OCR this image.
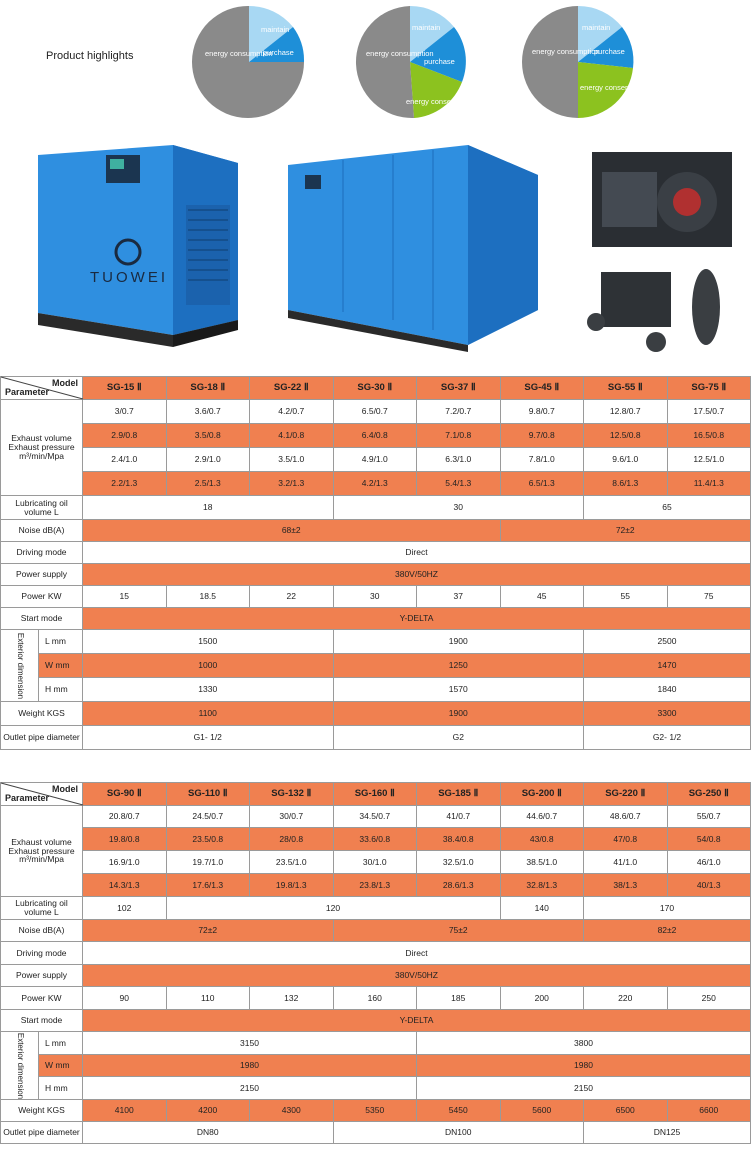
Product highlights
maintain
purchase
energy consumption
maintain
purchase
energy consumption
energy conservation
maintain
purchase
energy consumption
energy conservation
TUOWEI
Model
Parameter		SG-15 Ⅱ	SG-18 Ⅱ	SG-22 Ⅱ	SG-30 Ⅱ	SG-37 Ⅱ	SG-45 Ⅱ	SG-55 Ⅱ	SG-75 Ⅱ
Exhaust volume Exhaust pressure m³/min/Mpa		3/0.7	3.6/0.7	4.2/0.7	6.5/0.7	7.2/0.7	9.8/0.7	12.8/0.7	17.5/0.7
		2.9/0.8	3.5/0.8	4.1/0.8	6.4/0.8	7.1/0.8	9.7/0.8	12.5/0.8	16.5/0.8
		2.4/1.0	2.9/1.0	3.5/1.0	4.9/1.0	6.3/1.0	7.8/1.0	9.6/1.0	12.5/1.0
		2.2/1.3	2.5/1.3	3.2/1.3	4.2/1.3	5.4/1.3	6.5/1.3	8.6/1.3	11.4/1.3
Lubricating oil volume L		18			30			65	
Noise dB(A)		68±2					72±2		
Driving mode		Direct							
Power supply		380V/50HZ							
Power KW		15	18.5	22	30	37	45	55	75
Start mode		Y-DELTA							

Exterior dimension	L mm	1500			1900			2500	
	W mm	1000			1250			1470	
	H mm	1330			1570			1840	
Weight KGS		1100			1900			3300	
Outlet pipe diameter		G1- 1/2			G2			G2- 1/2	
Model
Parameter		SG-90 Ⅱ	SG-110 Ⅱ	SG-132 Ⅱ	SG-160 Ⅱ	SG-185 Ⅱ	SG-200 Ⅱ	SG-220 Ⅱ	SG-250 Ⅱ
Exhaust volume Exhaust pressure m³/min/Mpa		20.8/0.7	24.5/0.7	30/0.7	34.5/0.7	41/0.7	44.6/0.7	48.6/0.7	55/0.7
		19.8/0.8	23.5/0.8	28/0.8	33.6/0.8	38.4/0.8	43/0.8	47/0.8	54/0.8
		16.9/1.0	19.7/1.0	23.5/1.0	30/1.0	32.5/1.0	38.5/1.0	41/1.0	46/1.0
		14.3/1.3	17.6/1.3	19.8/1.3	23.8/1.3	28.6/1.3	32.8/1.3	38/1.3	40/1.3
Lubricating oil volume L		102	120				140	170	
Noise dB(A)		72±2			75±2			82±2	
Driving mode		Direct							
Power supply		380V/50HZ							
Power KW		90	110	132	160	185	200	220	250
Start mode		Y-DELTA							

Exterior dimension	L mm	3150				3800			
	W mm	1980				1980			
	H mm	2150				2150			
Weight KGS		4100	4200	4300	5350	5450	5600	6500	6600
Outlet pipe diameter		DN80			DN100			DN125	
